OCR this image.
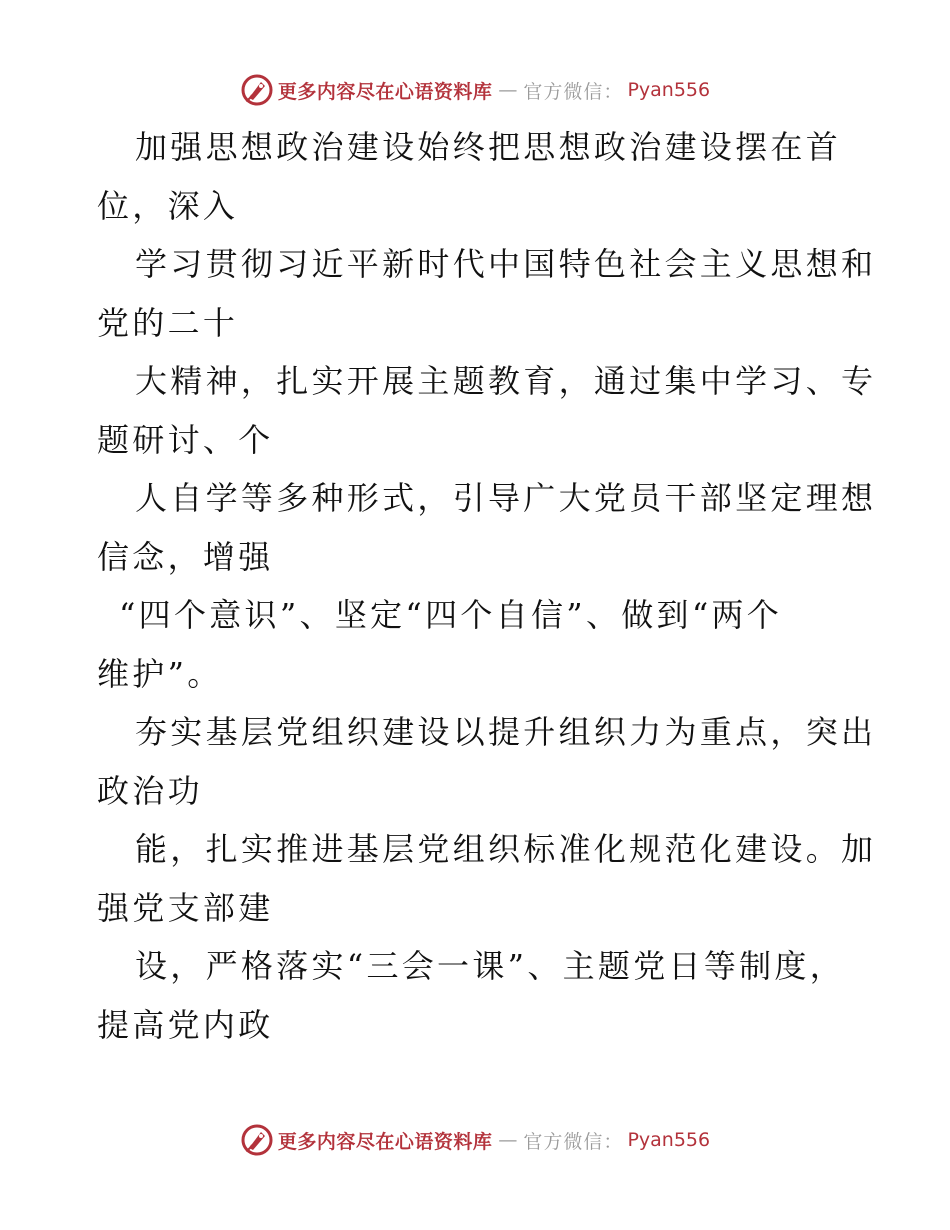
更多内容尽在心语资料库 — 官方微信： Pyan556

加强思想政治建设始终把思想政治建设摆在首

位，深入

学习贯彻习近平新时代中国特色社会主义思想和

党的二十

大精神，扎实开展主题教育，通过集中学习、专

题研讨、个

人自学等多种形式，引导广大党员干部坚定理想

信念，增强

“四个意识”、坚定“四个自信”、做到“两个

维护”。

夯实基层党组织建设以提升组织力为重点，突出

政治功

能，扎实推进基层党组织标准化规范化建设。加

强党支部建

设，严格落实“三会一课”、主题党日等制度，

提高党内政

更多内容尽在心语资料库 — 官方微信： Pyan556
